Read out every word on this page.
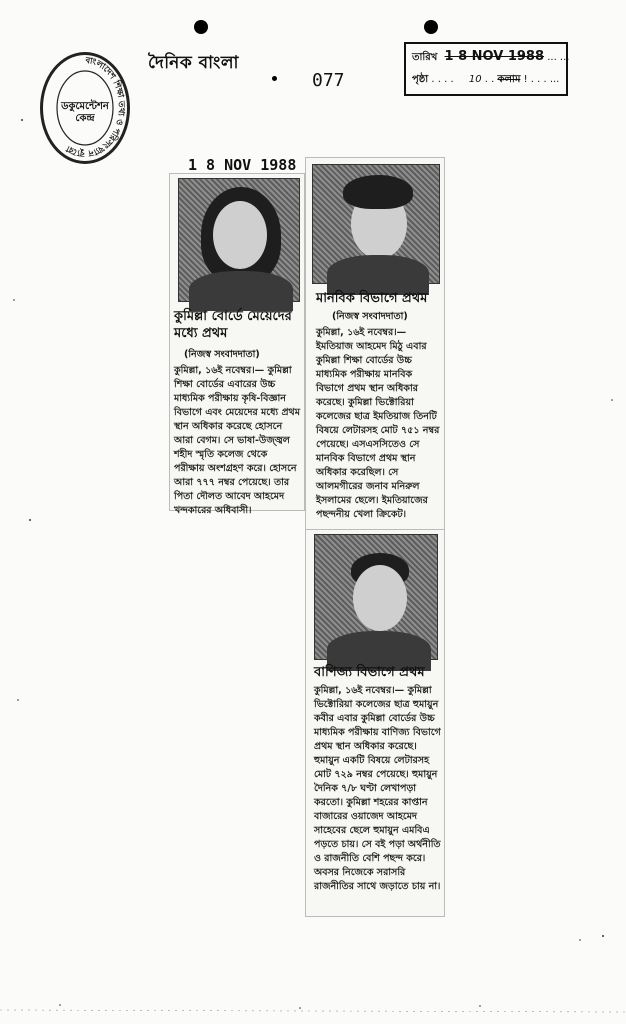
বাংলাদেশ শিক্ষা তথ্য ও পরিসংখ্যান ব্যুরো
ডকুমেন্টেশন
কেন্দ্র
দৈনিক বাংলা
077
তারিখ 1 8 NOV 1988 ... ...
পৃষ্ঠা . . . . 10 . . কলাম ! . . . ...
1 8 NOV 1988
কুমিল্লা বোর্ডে মেয়েদের মধ্যে প্রথম
(নিজস্ব সংবাদদাতা)
কুমিল্লা, ১৬ই নবেম্বর।— কুমিল্লা শিক্ষা বোর্ডের এবারের উচ্চ মাধ্যমিক পরীক্ষায় কৃষি-বিজ্ঞান বিভাগে এবং মেয়েদের মধ্যে প্রথম স্থান অধিকার করেছে হোসনে আরা বেগম। সে ভাষা-উজ্জ্বল শহীদ স্মৃতি কলেজ থেকে পরীক্ষায় অংশগ্রহণ করে। হোসনে আরা ৭৭৭ নম্বর পেয়েছে। তার পিতা দৌলত আবেদ আহমেদ খন্দকারের অধিবাসী।
মানবিক বিভাগে প্রথম
(নিজস্ব সংবাদদাতা)
কুমিল্লা, ১৬ই নবেম্বর।— ইমতিয়াজ আহমেদ মিঠু এবার কুমিল্লা শিক্ষা বোর্ডের উচ্চ মাধ্যমিক পরীক্ষায় মানবিক বিভাগে প্রথম স্থান অধিকার করেছে। কুমিল্লা ভিক্টোরিয়া কলেজের ছাত্র ইমতিয়াজ তিনটি বিষয়ে লেটারসহ মোট ৭৫১ নম্বর পেয়েছে। এসএসসিতেও সে মানবিক বিভাগে প্রথম স্থান অধিকার করেছিল। সে আলমগীরের জনাব মনিরুল ইসলামের ছেলে। ইমতিয়াজের পছন্দনীয় খেলা ক্রিকেট।
বাণিজ্য বিভাগে প্রথম
কুমিল্লা, ১৬ই নবেম্বর।— কুমিল্লা ভিক্টোরিয়া কলেজের ছাত্র হুমায়ুন কবীর এবার কুমিল্লা বোর্ডের উচ্চ মাধ্যমিক পরীক্ষায় বাণিজ্য বিভাগে প্রথম স্থান অধিকার করেছে। হুমায়ুন একটি বিষয়ে লেটারসহ মোট ৭২৯ নম্বর পেয়েছে। হুমায়ুন দৈনিক ৭/৮ ঘণ্টা লেখাপড়া করতো। কুমিল্লা শহরের কাপ্তান বাজারের ওয়াজেদ আহমেদ সাহেবের ছেলে হুমায়ুন এমবিএ পড়তে চায়। সে বই পড়া অর্থনীতি ও রাজনীতি বেশি পছন্দ করে। অবসর নিজেকে সরাসরি রাজনীতির সাথে জড়াতে চায় না।
